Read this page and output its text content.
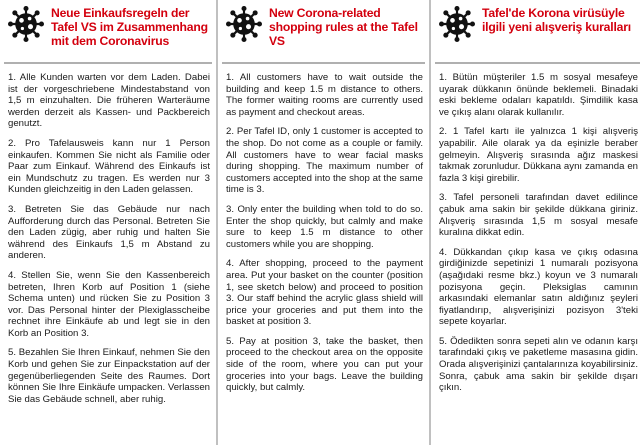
Neue Einkaufsregeln der Tafel VS im Zusammenhang mit dem Coronavirus

1. Alle Kunden warten vor dem Laden. Dabei ist der vorgeschriebene Mindestabstand von 1,5 m einzuhalten. Die früheren Warteräume werden derzeit als Kassen- und Packbereich genutzt.

2. Pro Tafelausweis kann nur 1 Person einkaufen. Kommen Sie nicht als Familie oder Paar zum Einkauf. Während des Einkaufs ist ein Mundschutz zu tragen. Es werden nur 3 Kunden gleichzeitig in den Laden gelassen.

3. Betreten Sie das Gebäude nur nach Aufforderung durch das Personal. Betreten Sie den Laden zügig, aber ruhig und halten Sie während des Einkaufs 1,5 m Abstand zu anderen.

4. Stellen Sie, wenn Sie den Kassenbereich betreten, Ihren Korb auf Position 1 (siehe Schema unten) und rücken Sie zu Position 3 vor. Das Personal hinter der Plexiglasscheibe rechnet ihre Einkäufe ab und legt sie in den Korb an Position 3.

5. Bezahlen Sie Ihren Einkauf, nehmen Sie den Korb und gehen Sie zur Einpackstation auf der gegenüberliegenden Seite des Raumes. Dort können Sie Ihre Einkäufe umpacken. Verlassen Sie das Gebäude schnell, aber ruhig.

New Corona-related shopping rules at the Tafel VS

1. All customers have to wait outside the building and keep 1.5 m distance to others. The former waiting rooms are currently used as payment and checkout areas.

2. Per Tafel ID, only 1 customer is accepted to the shop. Do not come as a couple or family. All customers have to wear facial masks during shopping. The maximum number of customers accepted into the shop at the same time is 3.

3. Only enter the building when told to do so. Enter the shop quickly, but calmly and make sure to keep 1.5 m distance to other customers while you are shopping.

4. After shopping, proceed to the payment area. Put your basket on the counter (position 1, see sketch below) and proceed to position 3. Our staff behind the acrylic glass shield will price your groceries and put them into the basket at position 3.

5. Pay at position 3, take the basket, then proceed to the checkout area on the opposite side of the room, where you can put your groceries into your bags. Leave the building quickly, but calmly.

Tafel'de Korona virüsüyle ilgili yeni alışveriş kuralları

1. Bütün müşteriler 1.5 m sosyal mesafeye uyarak dükkanın önünde beklemeli. Binadaki eski bekleme odaları kapatıldı. Şimdilik kasa ve çıkış alanı olarak kullanılır.

2. 1 Tafel kartı ile yalnızca 1 kişi alışveriş yapabilir. Aile olarak ya da eşinizle beraber gelmeyin. Alışveriş sırasında ağız maskesi takmak zorunludur. Dükkana aynı zamanda en fazla 3 kişi girebilir.

3. Tafel personeli tarafından davet edilince çabuk ama sakin bir şekilde dükkana giriniz. Alışveriş sırasında 1,5 m sosyal mesafe kuralına dikkat edin.

4. Dükkandan çıkıp kasa ve çıkış odasına girdiğinizde sepetinizi 1 numaralı pozisyona (aşağıdaki resme bkz.) koyun ve 3 numaralı pozisyona geçin. Pleksiglas camının arkasındaki elemanlar satın aldığınız şeyleri fiyatlandırıp, alışverişinizi pozisyon 3'teki sepete koyarlar.

5. Ödedikten sonra sepeti alın ve odanın karşı tarafındaki çıkış ve paketleme masasına gidin. Orada alışverişinizi çantalarınıza koyabilirsiniz. Sonra, çabuk ama sakin bir şekilde dışarı çıkın.
